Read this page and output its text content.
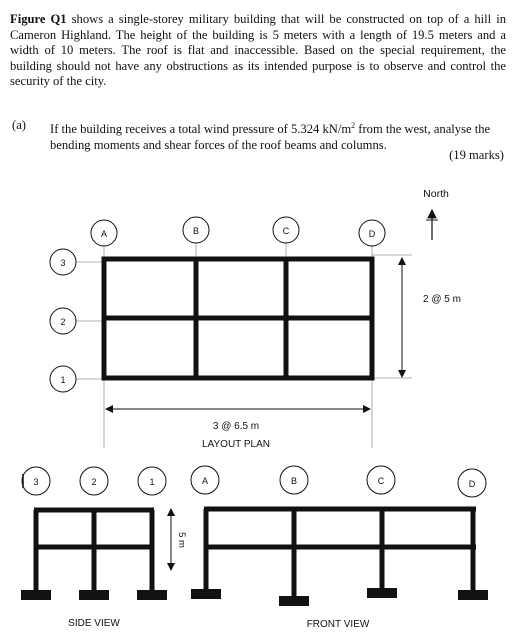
Figure Q1 shows a single-storey military building that will be constructed on top of a hill in Cameron Highland. The height of the building is 5 meters with a length of 19.5 meters and a width of 10 meters. The roof is flat and inaccessible. Based on the special requirement, the building should not have any obstructions as its intended purpose is to observe and control the security of the city.
(a) If the building receives a total wind pressure of 5.324 $kN/m^2$ from the west, analyse the bending moments and shear forces of the roof beams and columns.
(19 marks)
North
A	B	C	D
3
2
1
2 @ 5 m
3 @ 6.5 m
LAYOUT PLAN
3	2	1
5 m
SIDE VIEW
A	B	C	D
FRONT VIEW
